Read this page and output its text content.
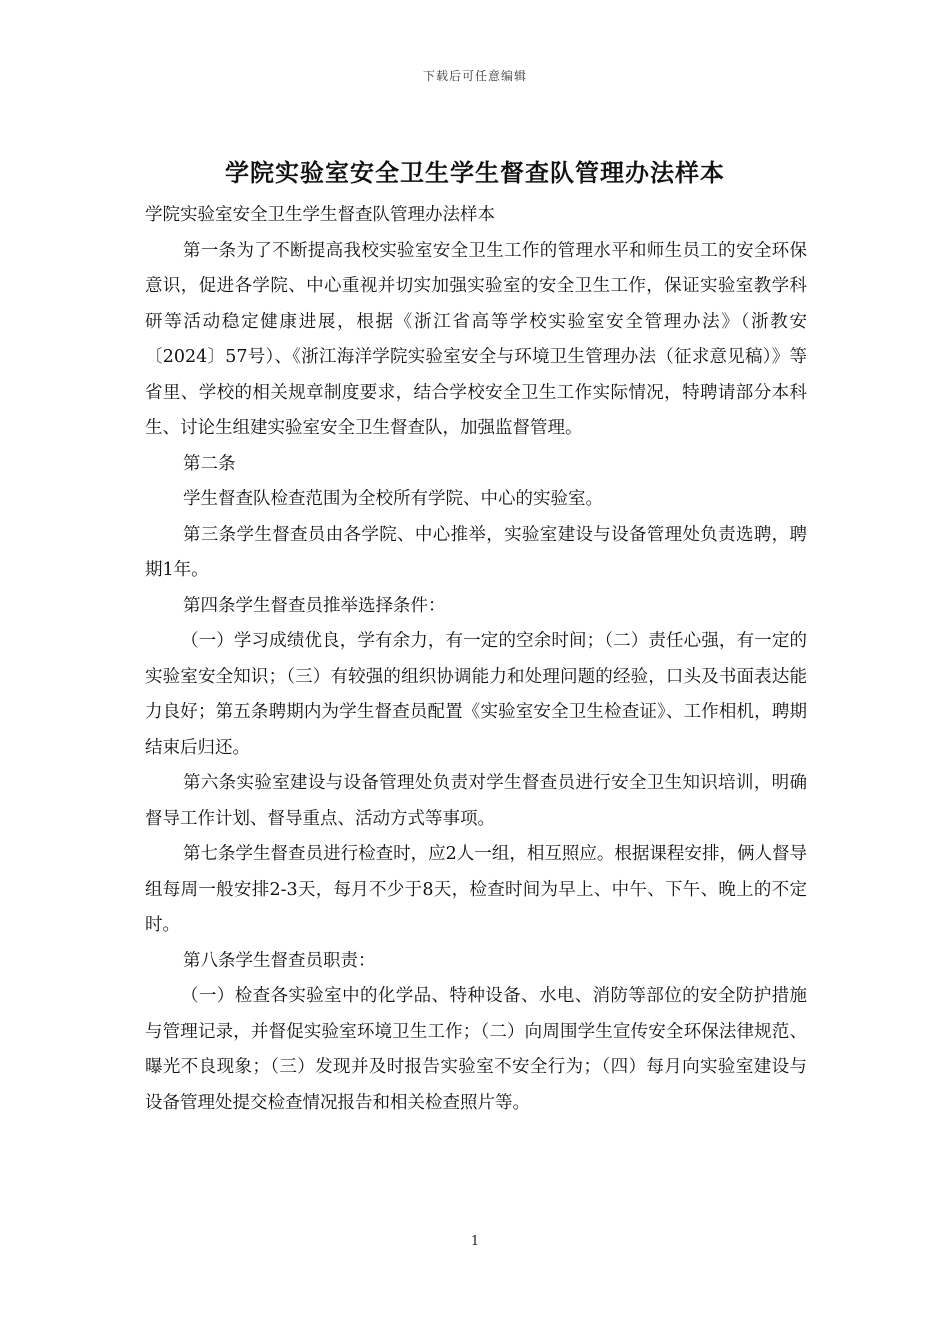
下载后可任意编辑
学院实验室安全卫生学生督查队管理办法样本

学院实验室安全卫生学生督查队管理办法样本

第一条为了不断提高我校实验室安全卫生工作的管理水平和师生员工的安全环保意识，促进各学院、中心重视并切实加强实验室的安全卫生工作，保证实验室教学科研等活动稳定健康进展，根据《浙江省高等学校实验室安全管理办法》（浙教安〔2024〕57号）、《浙江海洋学院实验室安全与环境卫生管理办法（征求意见稿）》等省里、学校的相关规章制度要求，结合学校安全卫生工作实际情况，特聘请部分本科生、讨论生组建实验室安全卫生督查队，加强监督管理。

第二条

学生督查队检查范围为全校所有学院、中心的实验室。

第三条学生督查员由各学院、中心推举，实验室建设与设备管理处负责选聘，聘期1年。

第四条学生督查员推举选择条件：

（一）学习成绩优良，学有余力，有一定的空余时间；（二）责任心强，有一定的实验室安全知识；（三）有较强的组织协调能力和处理问题的经验，口头及书面表达能力良好；第五条聘期内为学生督查员配置《实验室安全卫生检查证》、工作相机，聘期结束后归还。

第六条实验室建设与设备管理处负责对学生督查员进行安全卫生知识培训，明确督导工作计划、督导重点、活动方式等事项。

第七条学生督查员进行检查时，应2人一组，相互照应。根据课程安排，俩人督导组每周一般安排2-3天，每月不少于8天，检查时间为早上、中午、下午、晚上的不定时。

第八条学生督查员职责：

（一）检查各实验室中的化学品、特种设备、水电、消防等部位的安全防护措施与管理记录，并督促实验室环境卫生工作；（二）向周围学生宣传安全环保法律规范、曝光不良现象；（三）发现并及时报告实验室不安全行为；（四）每月向实验室建设与设备管理处提交检查情况报告和相关检查照片等。

1
